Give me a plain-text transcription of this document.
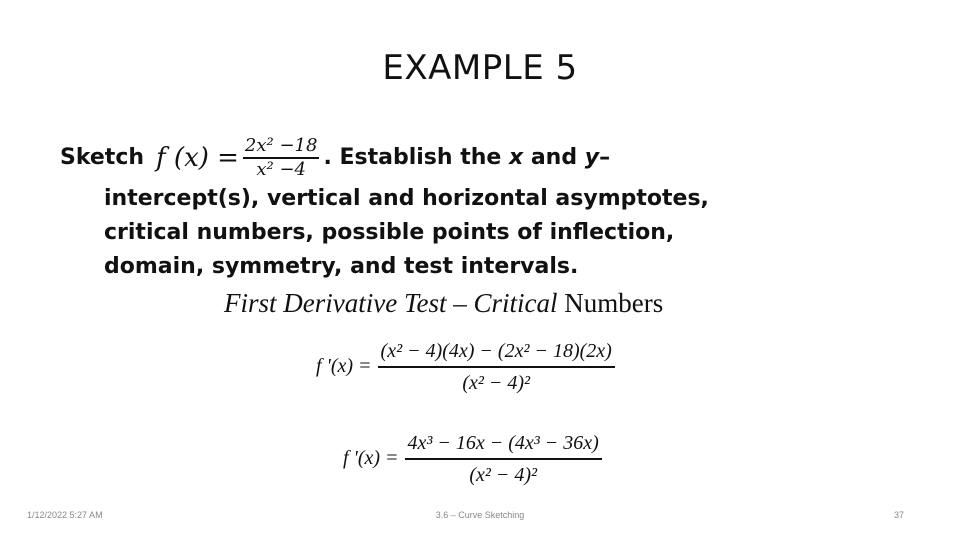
EXAMPLE 5
Sketch f $(x) = \frac{\text{2x² −18}}{\text{x² −4}}$ . Establish the x and y –
intercept(s), vertical and horizontal asymptotes,
critical numbers, possible points of inflection,
domain, symmetry, and test intervals.
First Derivative Test – Critical Numbers
f '(x) =
(x² − 4)(4x) − (2x² − 18)(2x)
(x² − 4)²
f '(x) =
4x³ − 16x − (4x³ − 36x)
(x² − 4)²
1/12/2022 5:27 AM	3.6 – Curve Sketching	37
